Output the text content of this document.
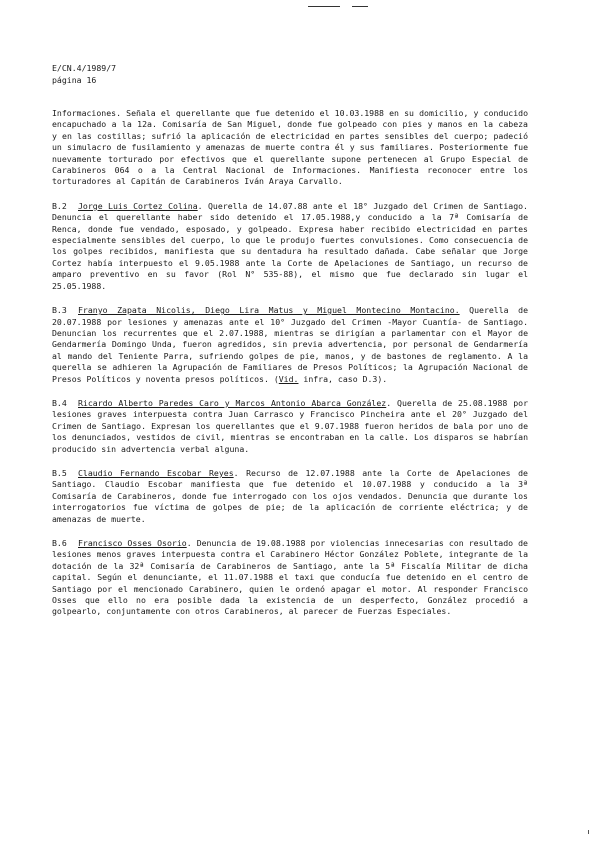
E/CN.4/1989/7
página 16

Informaciones. Señala el querellante que fue detenido el 10.03.1988 en su domicilio, y conducido encapuchado a la 12a. Comisaría de San Miguel, donde fue golpeado con pies y manos en la cabeza y en las costillas; sufrió la aplicación de electricidad en partes sensibles del cuerpo; padeció un simulacro de fusilamiento y amenazas de muerte contra él y sus familiares. Posteriormente fue nuevamente torturado por efectivos que el querellante supone pertenecen al Grupo Especial de Carabineros 064 o a la Central Nacional de Informaciones. Manifiesta reconocer entre los torturadores al Capitán de Carabineros Iván Araya Carvallo.

B.2 Jorge Luis Cortez Colina. Querella de 14.07.88 ante el 18° Juzgado del Crimen de Santiago. Denuncia el querellante haber sido detenido el 17.05.1988,y conducido a la 7ª Comisaría de Renca, donde fue vendado, esposado, y golpeado. Expresa haber recibido electricidad en partes especialmente sensibles del cuerpo, lo que le produjo fuertes convulsiones. Como consecuencia de los golpes recibidos, manifiesta que su dentadura ha resultado dañada. Cabe señalar que Jorge Cortez había interpuesto el 9.05.1988 ante la Corte de Apelaciones de Santiago, un recurso de amparo preventivo en su favor (Rol N° 535-88), el mismo que fue declarado sin lugar el 25.05.1988.

B.3 Franyo Zapata Nicolis, Diego Lira Matus y Miguel Montecino Montacino. Querella de 20.07.1988 por lesiones y amenazas ante el 10° Juzgado del Crimen -Mayor Cuantía- de Santiago. Denuncian los recurrentes que el 2.07.1988, mientras se dirigían a parlamentar con el Mayor de Gendarmería Domingo Unda, fueron agredidos, sin previa advertencia, por personal de Gendarmería al mando del Teniente Parra, sufriendo golpes de pie, manos, y de bastones de reglamento. A la querella se adhieren la Agrupación de Familiares de Presos Políticos; la Agrupación Nacional de Presos Políticos y noventa presos políticos. (Vid. infra, caso D.3).

B.4 Ricardo Alberto Paredes Caro y Marcos Antonio Abarca González. Querella de 25.08.1988 por lesiones graves interpuesta contra Juan Carrasco y Francisco Pincheira ante el 20° Juzgado del Crimen de Santiago. Expresan los querellantes que el 9.07.1988 fueron heridos de bala por uno de los denunciados, vestidos de civil, mientras se encontraban en la calle. Los disparos se habrían producido sin advertencia verbal alguna.

B.5 Claudio Fernando Escobar Reyes. Recurso de 12.07.1988 ante la Corte de Apelaciones de Santiago. Claudio Escobar manifiesta que fue detenido el 10.07.1988 y conducido a la 3ª Comisaría de Carabineros, donde fue interrogado con los ojos vendados. Denuncia que durante los interrogatorios fue víctima de golpes de pie; de la aplicación de corriente eléctrica; y de amenazas de muerte.

B.6 Francisco Osses Osorio. Denuncia de 19.08.1988 por violencias innecesarias con resultado de lesiones menos graves interpuesta contra el Carabinero Héctor González Poblete, integrante de la dotación de la 32ª Comisaría de Carabineros de Santiago, ante la 5ª Fiscalía Militar de dicha capital. Según el denunciante, el 11.07.1988 el taxi que conducía fue detenido en el centro de Santiago por el mencionado Carabinero, quien le ordenó apagar el motor. Al responder Francisco Osses que ello no era posible dada la existencia de un desperfecto, González procedió a golpearlo, conjuntamente con otros Carabineros, al parecer de Fuerzas Especiales.
